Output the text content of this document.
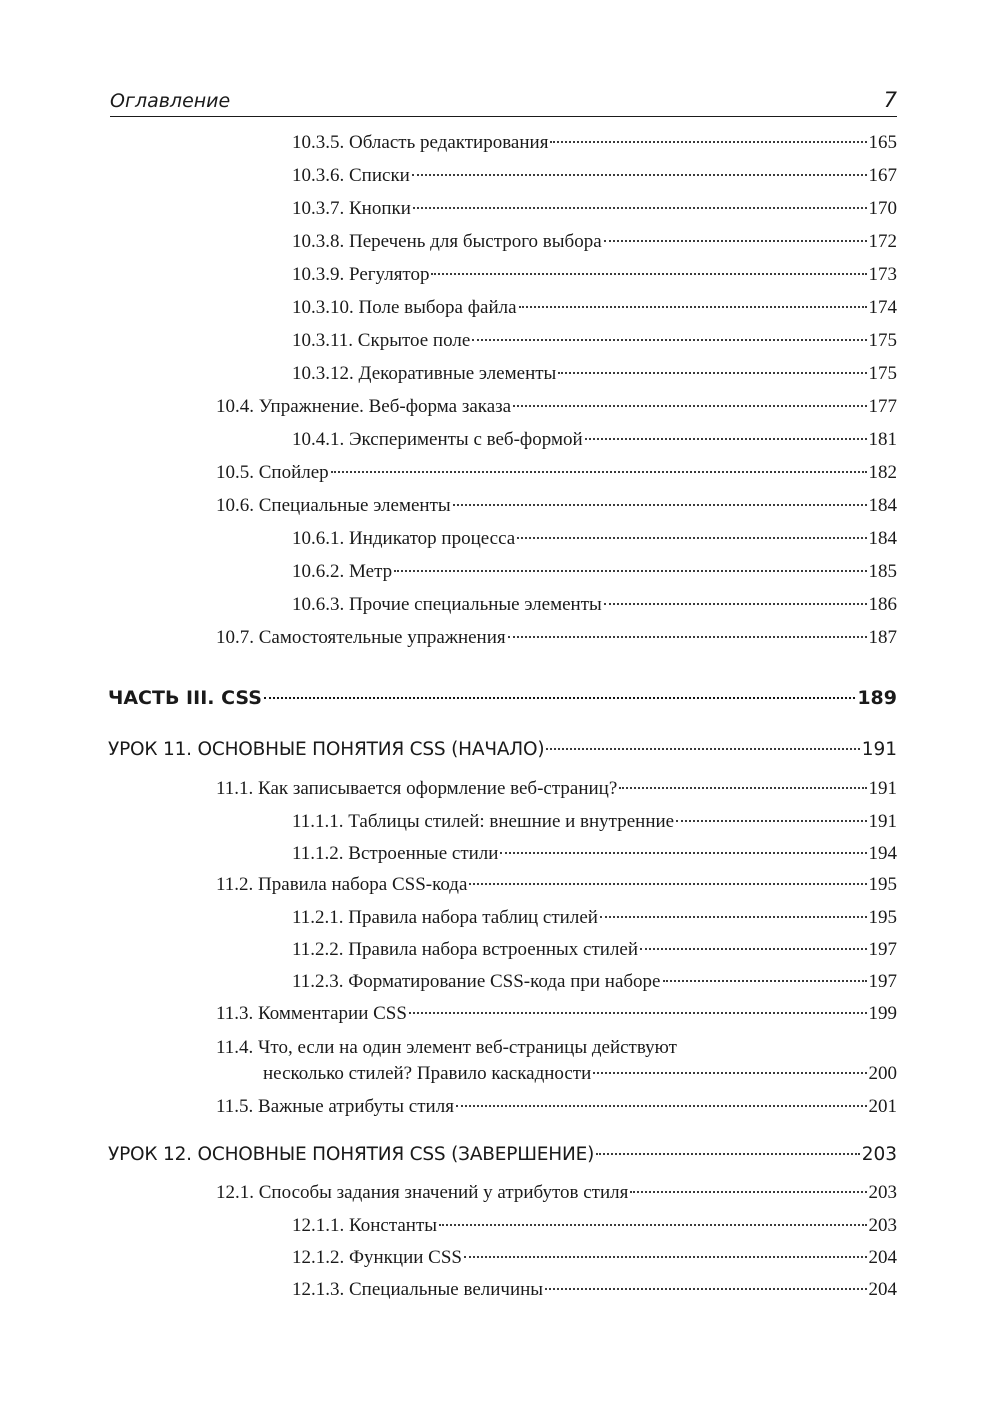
Оглавление	7
10.3.5. Область редактирования	165
10.3.6. Списки	167
10.3.7. Кнопки	170
10.3.8. Перечень для быстрого выбора	172
10.3.9. Регулятор	173
10.3.10. Поле выбора файла	174
10.3.11. Скрытое поле	175
10.3.12. Декоративные элементы	175
10.4. Упражнение. Веб-форма заказа	177
10.4.1. Эксперименты с веб-формой	181
10.5. Спойлер	182
10.6. Специальные элементы	184
10.6.1. Индикатор процесса	184
10.6.2. Метр	185
10.6.3. Прочие специальные элементы	186
10.7. Самостоятельные упражнения	187
ЧАСТЬ III. CSS	189
УРОК 11. ОСНОВНЫЕ ПОНЯТИЯ CSS (НАЧАЛО)	191
11.1. Как записывается оформление веб-страниц?	191
11.1.1. Таблицы стилей: внешние и внутренние	191
11.1.2. Встроенные стили	194
11.2. Правила набора CSS-кода	195
11.2.1. Правила набора таблиц стилей	195
11.2.2. Правила набора встроенных стилей	197
11.2.3. Форматирование CSS-кода при наборе	197
11.3. Комментарии CSS	199
11.4. Что, если на один элемент веб-страницы действуют
несколько стилей? Правило каскадности	200
11.5. Важные атрибуты стиля	201
УРОК 12. ОСНОВНЫЕ ПОНЯТИЯ CSS (ЗАВЕРШЕНИЕ)	203
12.1. Способы задания значений у атрибутов стиля	203
12.1.1. Константы	203
12.1.2. Функции CSS	204
12.1.3. Специальные величины	204
